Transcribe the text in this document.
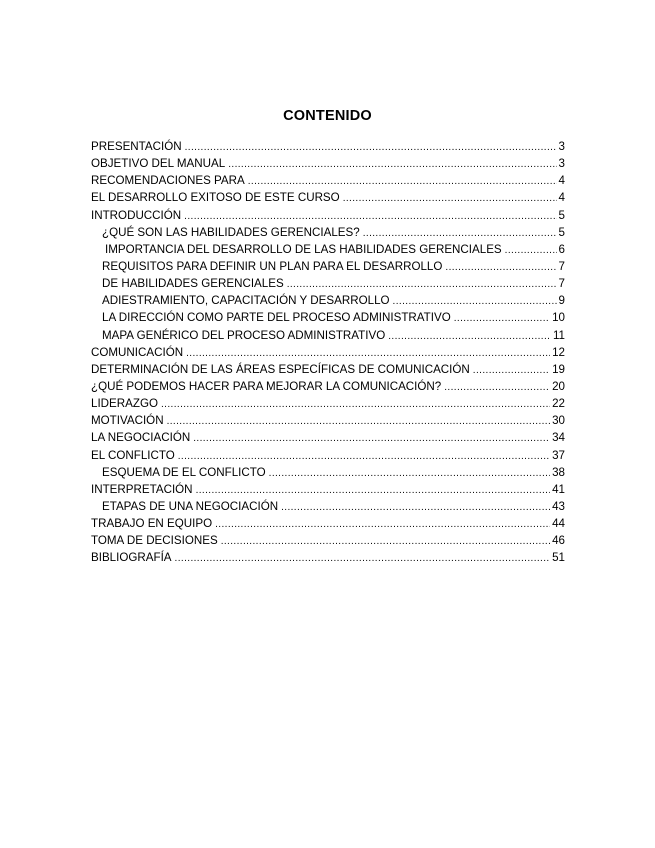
CONTENIDO
PRESENTACIÓN .....	3
OBJETIVO DEL MANUAL .....	3
RECOMENDACIONES PARA .....	4
EL DESARROLLO EXITOSO DE ESTE CURSO .....	4
INTRODUCCIÓN .....	5
¿QUÉ SON LAS HABILIDADES GERENCIALES? .....	5
IMPORTANCIA DEL DESARROLLO DE LAS HABILIDADES GERENCIALES .....	6
REQUISITOS PARA DEFINIR UN PLAN PARA EL DESARROLLO .....	7
DE HABILIDADES GERENCIALES .....	7
ADIESTRAMIENTO, CAPACITACIÓN Y DESARROLLO .....	9
LA DIRECCIÓN COMO PARTE DEL PROCESO ADMINISTRATIVO .....	10
MAPA GENÉRICO DEL PROCESO ADMINISTRATIVO .....	11
COMUNICACIÓN .....	12
DETERMINACIÓN DE LAS ÁREAS ESPECÍFICAS DE COMUNICACIÓN .....	19
¿QUÉ PODEMOS HACER PARA MEJORAR LA COMUNICACIÓN? .....	20
LIDERAZGO .....	22
MOTIVACIÓN .....	30
LA NEGOCIACIÓN .....	34
EL CONFLICTO .....	37
ESQUEMA DE EL CONFLICTO .....	38
INTERPRETACIÓN .....	41
ETAPAS DE UNA NEGOCIACIÓN .....	43
TRABAJO EN EQUIPO .....	44
TOMA DE DECISIONES .....	46
BIBLIOGRAFÍA .....	51
